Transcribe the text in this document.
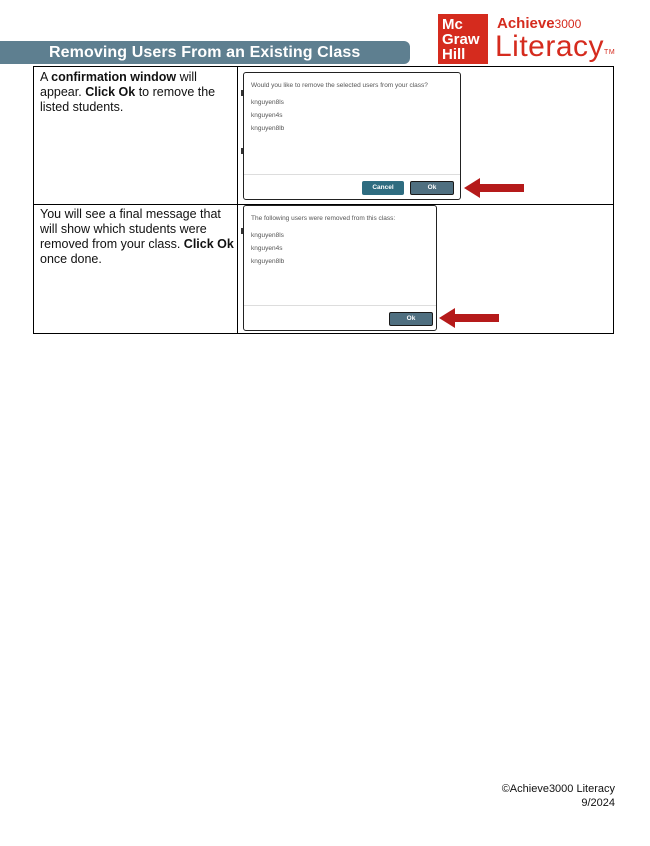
Removing Users From an Existing Class
Mc
Graw
Hill
Achieve3000
Literacy™
A confirmation window will appear. Click Ok to remove the listed students.
You will see a final message that will show which students were removed from your class. Click Ok once done.
Would you like to remove the selected users from your class?
knguyen8ls
knguyen4s
knguyen8lb
Cancel	Ok
The following users were removed from this class:
knguyen8ls
knguyen4s
knguyen8lb
Ok
©Achieve3000 Literacy
9/2024
